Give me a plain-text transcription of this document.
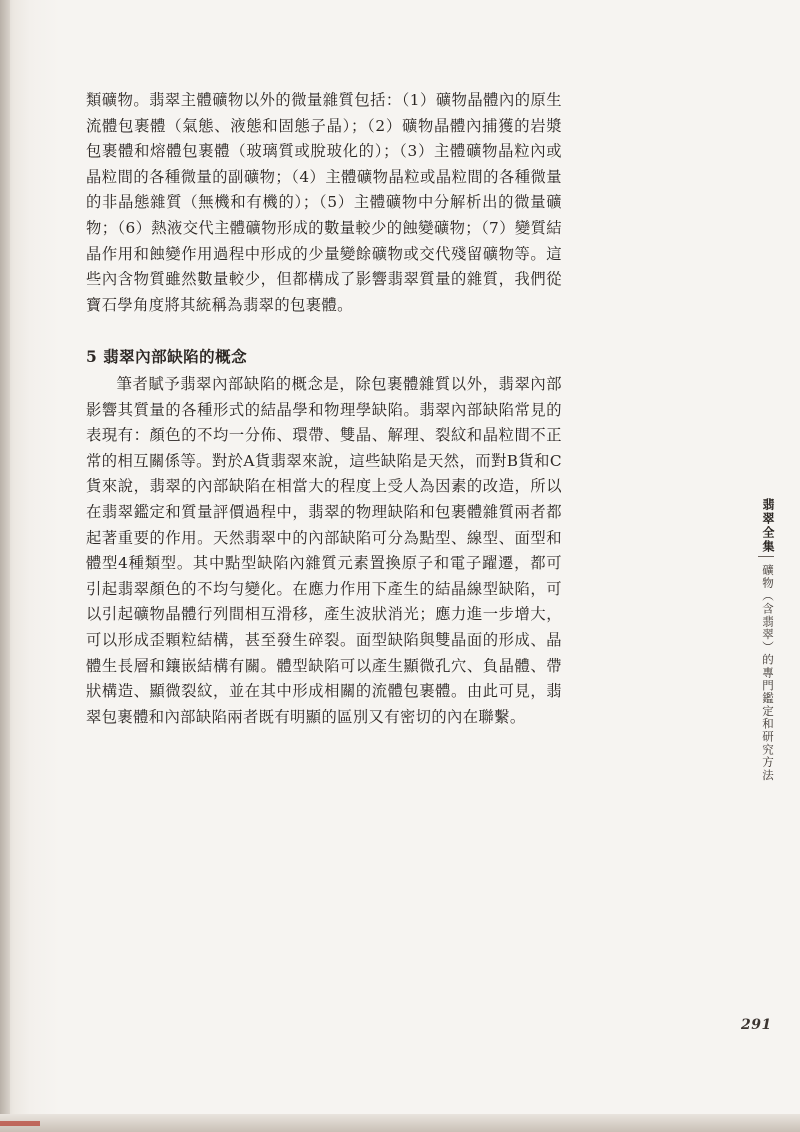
類礦物。翡翠主體礦物以外的微量雜質包括：（1）礦物晶體內的原生流體包裹體（氣態、液態和固態子晶）；（2）礦物晶體內捕獲的岩漿包裹體和熔體包裹體（玻璃質或脫玻化的）；（3）主體礦物晶粒內或晶粒間的各種微量的副礦物；（4）主體礦物晶粒或晶粒間的各種微量的非晶態雜質（無機和有機的）；（5）主體礦物中分解析出的微量礦物；（6）熱液交代主體礦物形成的數量較少的蝕變礦物；（7）變質結晶作用和蝕變作用過程中形成的少量變餘礦物或交代殘留礦物等。這些內含物質雖然數量較少，但都構成了影響翡翠質量的雜質，我們從寶石學角度將其統稱為翡翠的包裹體。
5 翡翠內部缺陷的概念
筆者賦予翡翠內部缺陷的概念是，除包裹體雜質以外，翡翠內部影響其質量的各種形式的結晶學和物理學缺陷。翡翠內部缺陷常見的表現有：顏色的不均一分佈、環帶、雙晶、解理、裂紋和晶粒間不正常的相互關係等。對於A貨翡翠來說，這些缺陷是天然，而對B貨和C貨來說，翡翠的內部缺陷在相當大的程度上受人為因素的改造，所以在翡翠鑑定和質量評價過程中，翡翠的物理缺陷和包裹體雜質兩者都起著重要的作用。天然翡翠中的內部缺陷可分為點型、線型、面型和體型4種類型。其中點型缺陷內雜質元素置換原子和電子躍遷，都可引起翡翠顏色的不均勻變化。在應力作用下產生的結晶線型缺陷，可以引起礦物晶體行列間相互滑移，產生波狀消光；應力進一步增大，可以形成歪顆粒結構，甚至發生碎裂。面型缺陷與雙晶面的形成、晶體生長層和鑲嵌結構有關。體型缺陷可以產生顯微孔穴、負晶體、帶狀構造、顯微裂紋，並在其中形成相關的流體包裹體。由此可見，翡翠包裹體和內部缺陷兩者既有明顯的區別又有密切的內在聯繫。
翡翠全集
礦物（含翡翠）的專門鑑定和研究方法
291
